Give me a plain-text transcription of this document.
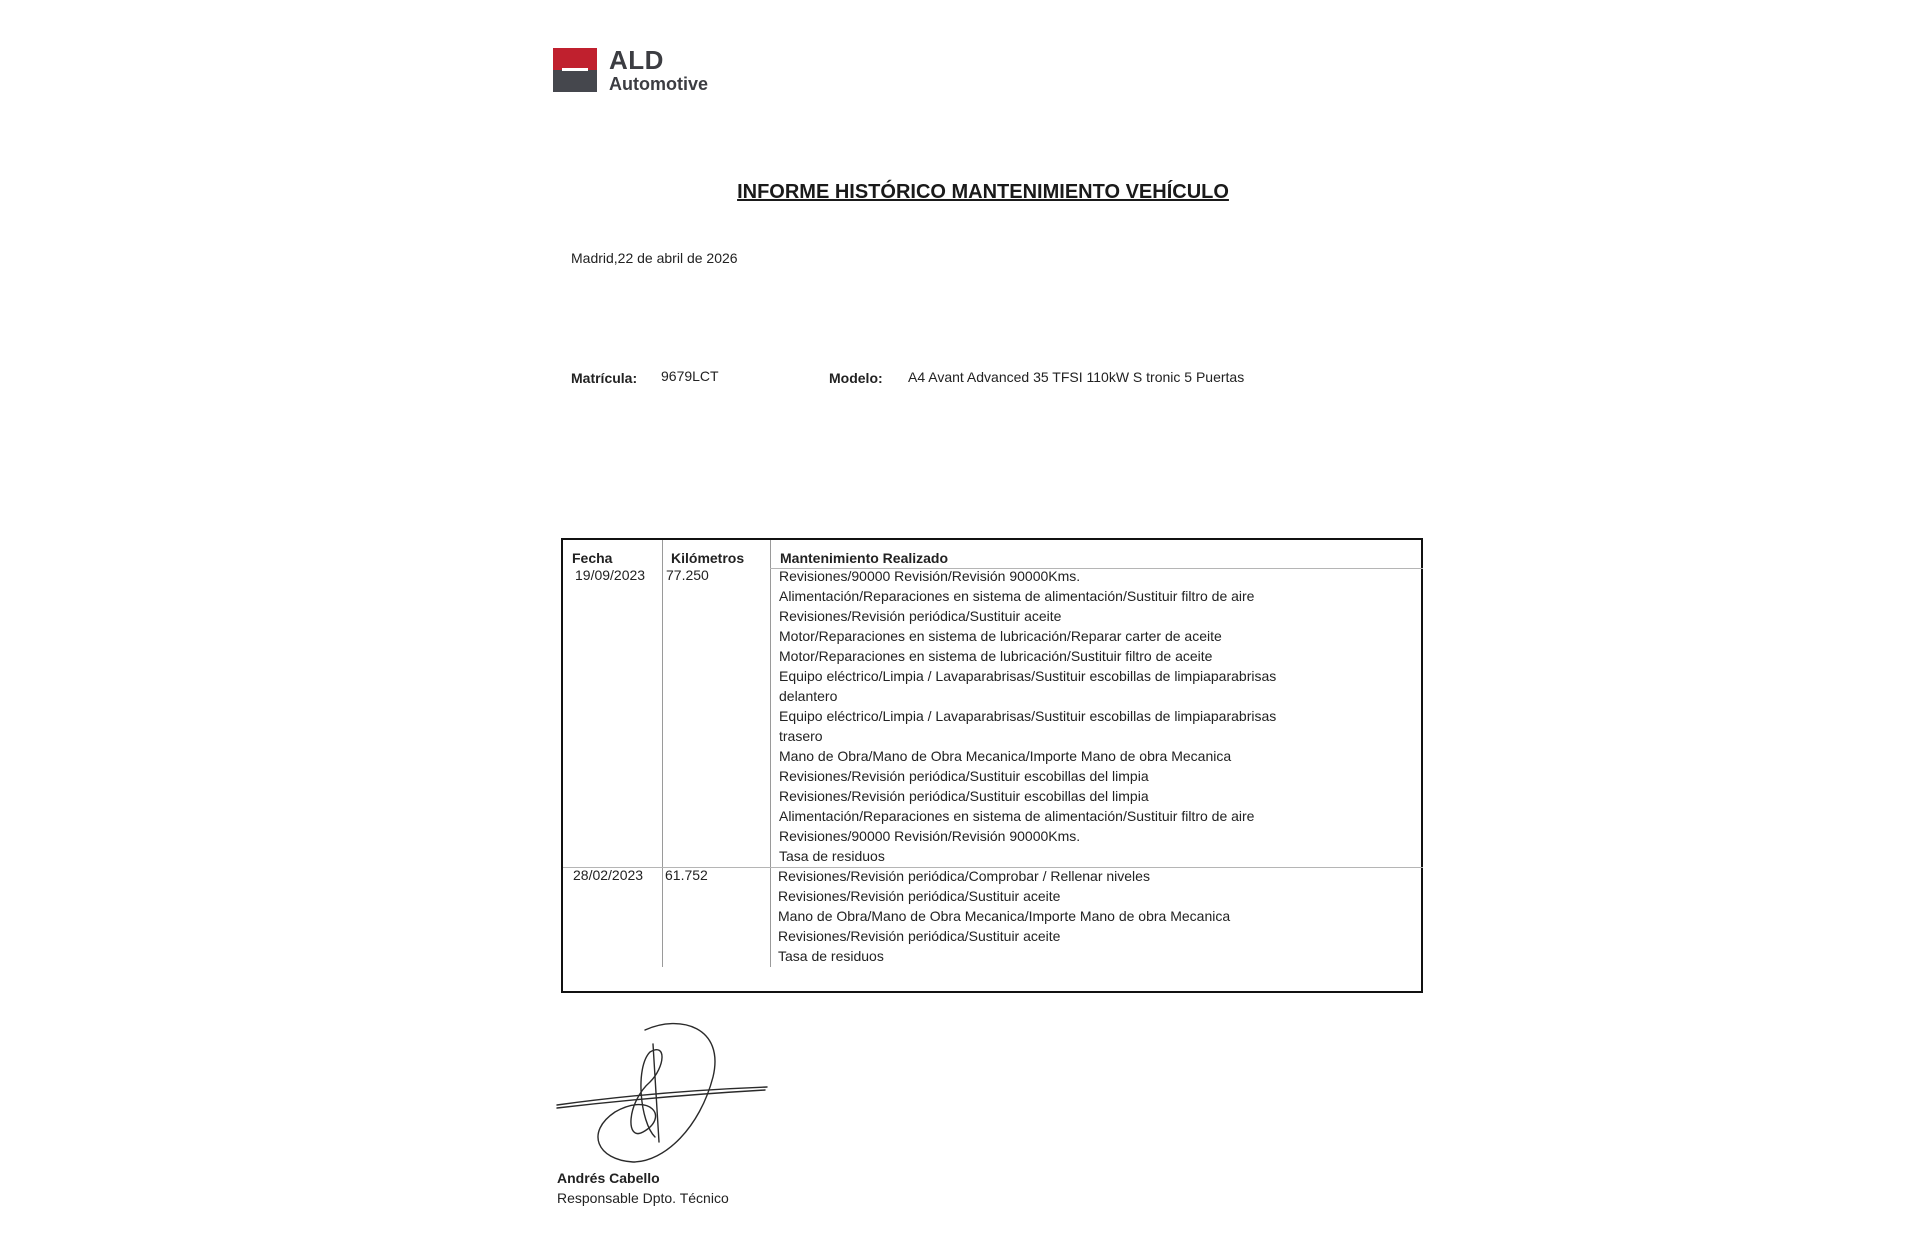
ALD
Automotive
INFORME HISTÓRICO MANTENIMIENTO VEHÍCULO
Madrid,22 de abril de 2026
Matrícula: 9679LCT	Modelo: A4 Avant Advanced 35 TFSI 110kW S tronic 5 Puertas
Fecha	Kilómetros	Mantenimiento Realizado
19/09/2023 77.250	Revisiones/90000 Revisión/Revisión 90000Kms.
Alimentación/Reparaciones en sistema de alimentación/Sustituir filtro de aire
Revisiones/Revisión periódica/Sustituir aceite
Motor/Reparaciones en sistema de lubricación/Reparar carter de aceite
Motor/Reparaciones en sistema de lubricación/Sustituir filtro de aceite
Equipo eléctrico/Limpia / Lavaparabrisas/Sustituir escobillas de limpiaparabrisas
delantero
Equipo eléctrico/Limpia / Lavaparabrisas/Sustituir escobillas de limpiaparabrisas
trasero
Mano de Obra/Mano de Obra Mecanica/Importe Mano de obra Mecanica
Revisiones/Revisión periódica/Sustituir escobillas del limpia
Revisiones/Revisión periódica/Sustituir escobillas del limpia
Alimentación/Reparaciones en sistema de alimentación/Sustituir filtro de aire
Revisiones/90000 Revisión/Revisión 90000Kms.
Tasa de residuos
28/02/2023 61.752	Revisiones/Revisión periódica/Comprobar / Rellenar niveles
Revisiones/Revisión periódica/Sustituir aceite
Mano de Obra/Mano de Obra Mecanica/Importe Mano de obra Mecanica
Revisiones/Revisión periódica/Sustituir aceite
Tasa de residuos
Andrés Cabello
Responsable Dpto. Técnico
